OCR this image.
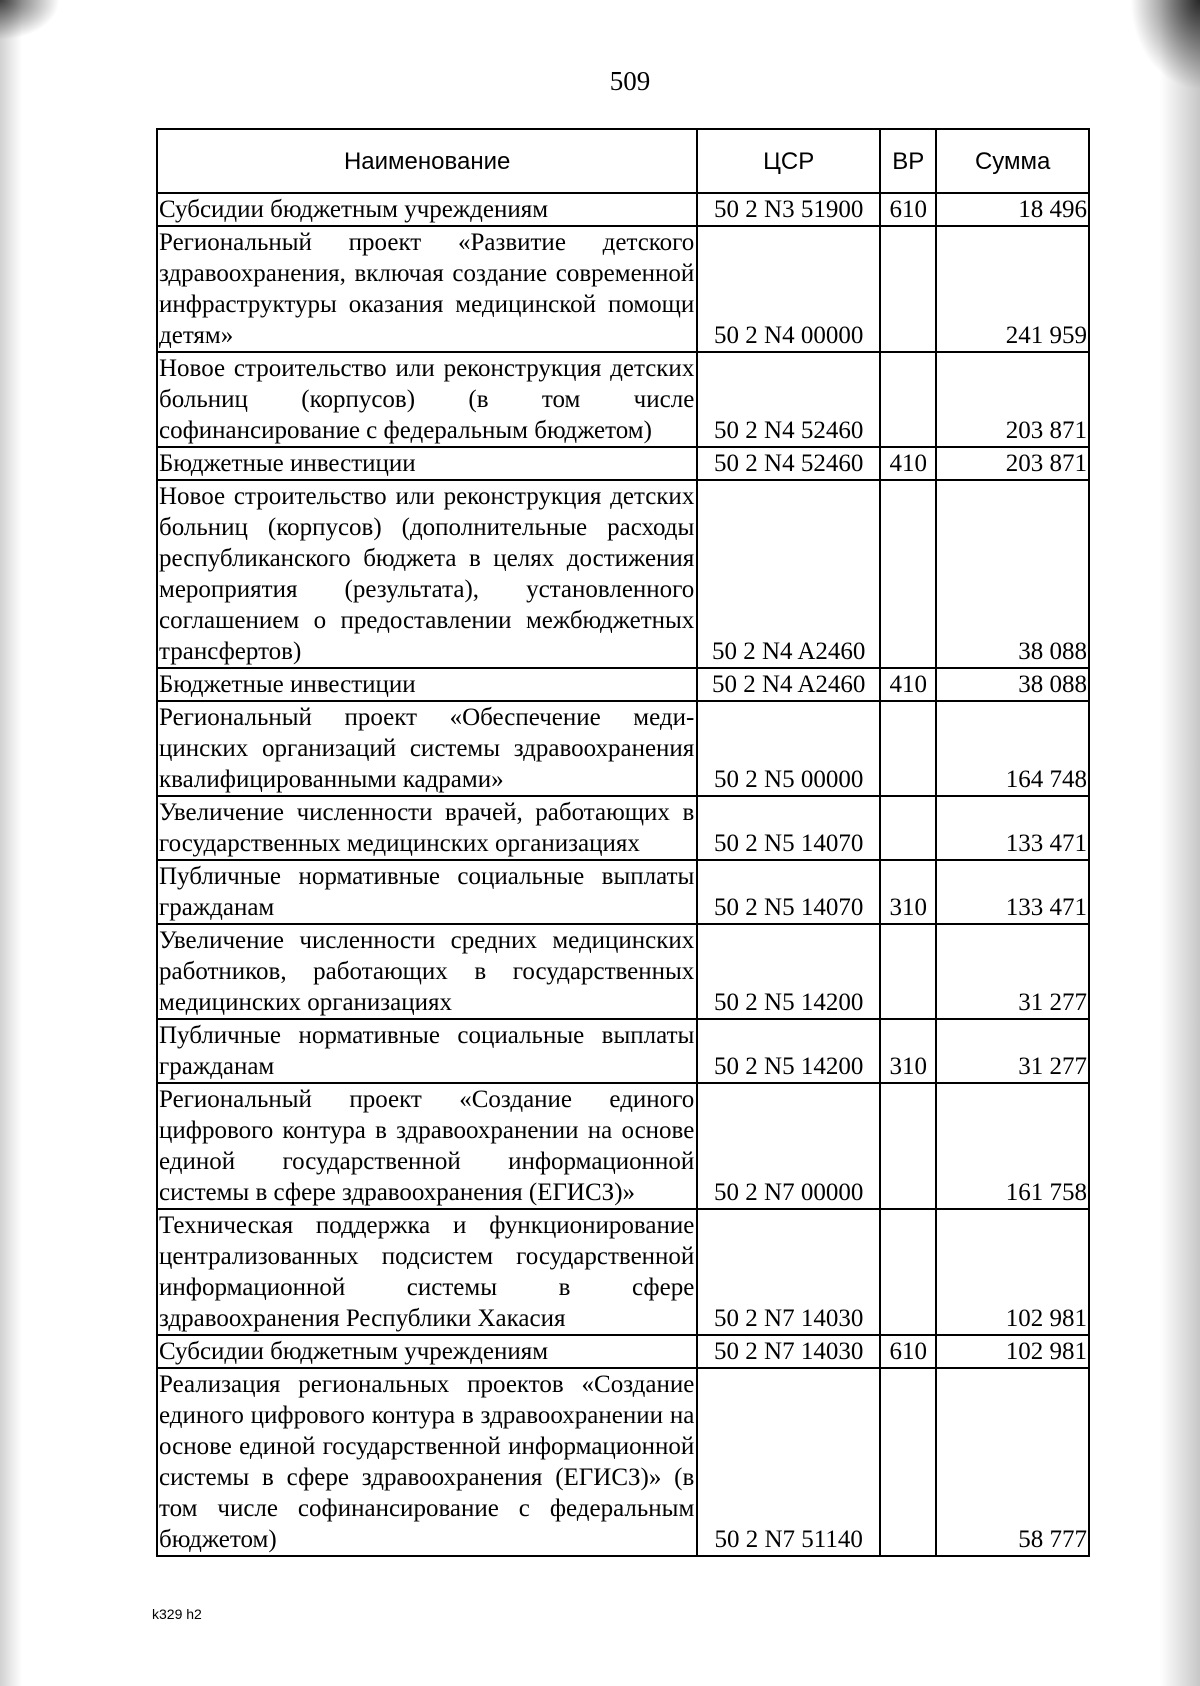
509
Наименование	ЦСР	ВР	Сумма
Субсидии бюджетным учреждениям	50 2 N3 51900	610	18 496
Региональный проект «Развитие детского здравоохранения, включая создание современной инфраструктуры оказания медицинской помощи детям»	50 2 N4 00000		241 959
Новое строительство или реконструкция детских больниц (корпусов) (в том числе софинансирование с федеральным бюджетом)	50 2 N4 52460		203 871
Бюджетные инвестиции	50 2 N4 52460	410	203 871
Новое строительство или реконструкция детских больниц (корпусов) (дополнительные расходы республиканского бюджета в целях достижения мероприятия (результата), установленного соглашением о предоставлении межбюджетных трансфертов)	50 2 N4 A2460		38 088
Бюджетные инвестиции	50 2 N4 A2460	410	38 088
Региональный проект «Обеспечение медицинских организаций системы здравоохранения квалифицированными кадрами»	50 2 N5 00000		164 748
Увеличение численности врачей, работающих в государственных медицинских организациях	50 2 N5 14070		133 471
Публичные нормативные социальные выплаты гражданам	50 2 N5 14070	310	133 471
Увеличение численности средних медицинских работников, работающих в государственных медицинских организациях	50 2 N5 14200		31 277
Публичные нормативные социальные выплаты гражданам	50 2 N5 14200	310	31 277
Региональный проект «Создание единого цифрового контура в здравоохранении на основе единой государственной информационной системы в сфере здравоохранения (ЕГИСЗ)»	50 2 N7 00000		161 758
Техническая поддержка и функционирование централизованных подсистем государственной информационной системы в сфере здравоохранения Республики Хакасия	50 2 N7 14030		102 981
Субсидии бюджетным учреждениям	50 2 N7 14030	610	102 981
Реализация региональных проектов «Создание единого цифрового контура в здравоохранении на основе единой государственной информационной системы в сфере здравоохранения (ЕГИСЗ)» (в том числе софинансирование с федеральным бюджетом)	50 2 N7 51140		58 777
k329 h2
